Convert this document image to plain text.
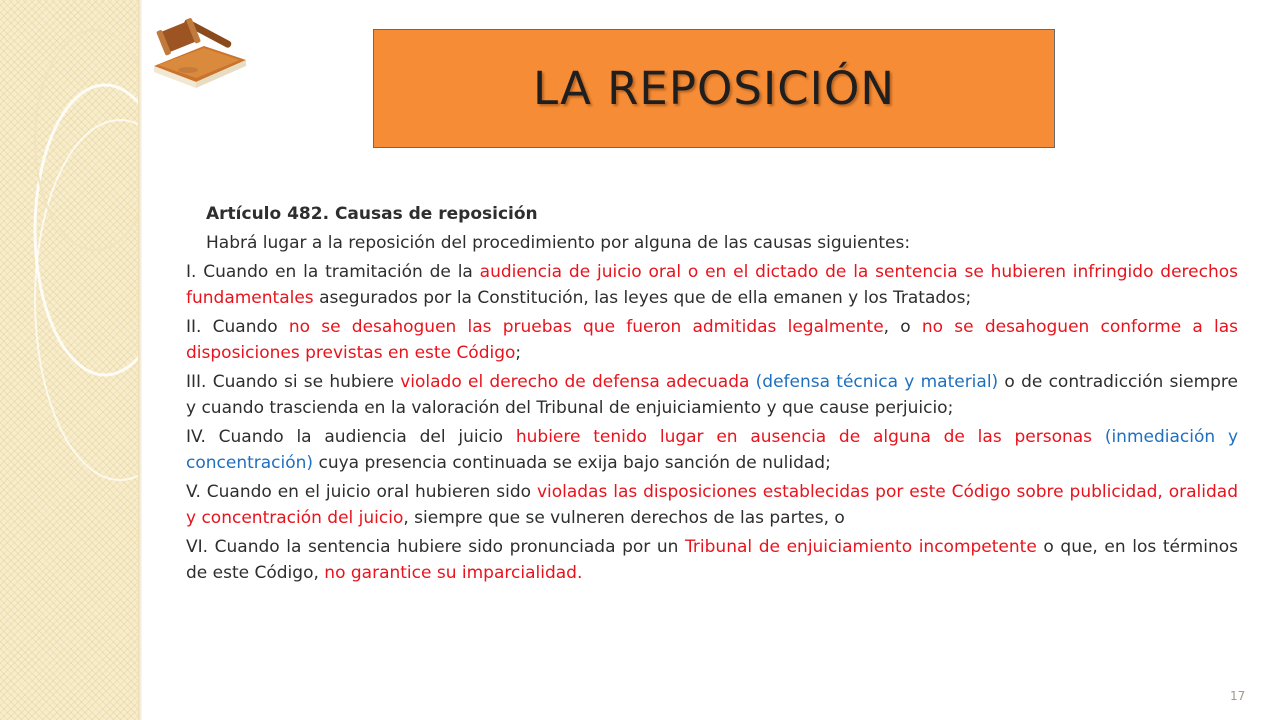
LA REPOSICIÓN

Artículo 482. Causas de reposición

Habrá lugar a la reposición del procedimiento por alguna de las causas siguientes:

I. Cuando en la tramitación de la audiencia de juicio oral o en el dictado de la sentencia se hubieren infringido derechos fundamentales asegurados por la Constitución, las leyes que de ella emanen y los Tratados;

II. Cuando no se desahoguen las pruebas que fueron admitidas legalmente, o no se desahoguen conforme a las disposiciones previstas en este Código;

III. Cuando si se hubiere violado el derecho de defensa adecuada (defensa técnica y material) o de contradicción siempre y cuando trascienda en la valoración del Tribunal de enjuiciamiento y que cause perjuicio;

IV. Cuando la audiencia del juicio hubiere tenido lugar en ausencia de alguna de las personas (inmediación y concentración) cuya presencia continuada se exija bajo sanción de nulidad;

V. Cuando en el juicio oral hubieren sido violadas las disposiciones establecidas por este Código sobre publicidad, oralidad y concentración del juicio, siempre que se vulneren derechos de las partes, o

VI. Cuando la sentencia hubiere sido pronunciada por un Tribunal de enjuiciamiento incompetente o que, en los términos de este Código, no garantice su imparcialidad.

17
